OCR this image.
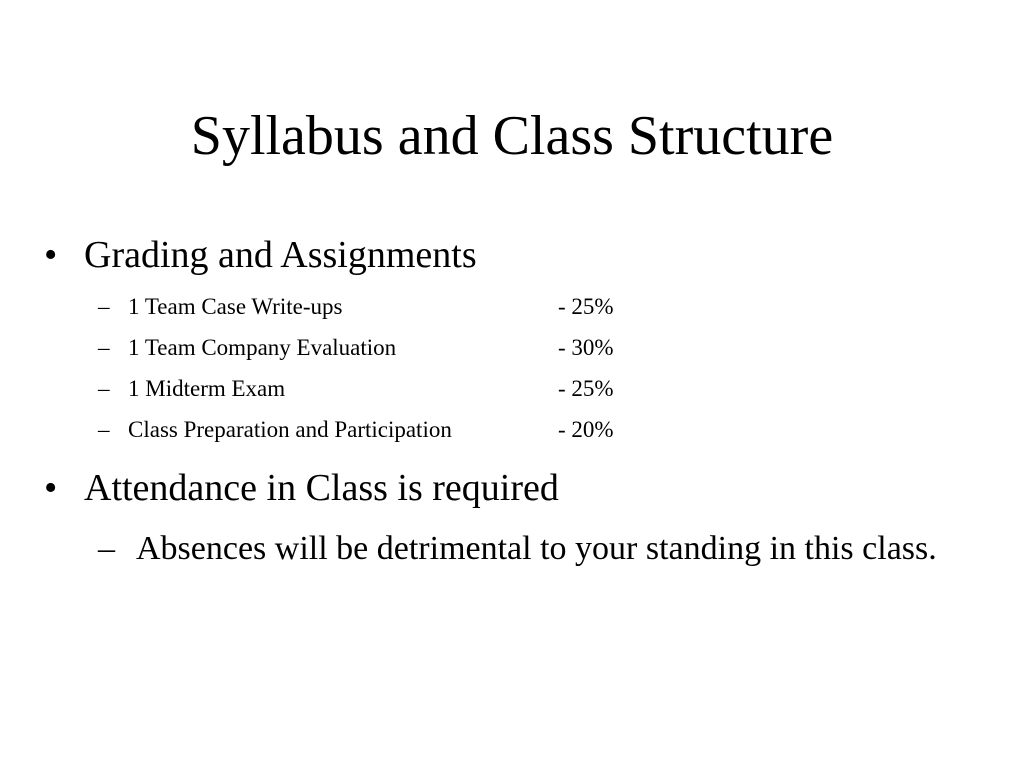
Syllabus and Class Structure
• Grading and Assignments
– 1 Team Case Write-ups	- 25%
– 1 Team Company Evaluation	- 30%
– 1 Midterm Exam	- 25%
– Class Preparation and Participation	- 20%
• Attendance in Class is required
– Absences will be detrimental to your standing in this class.
